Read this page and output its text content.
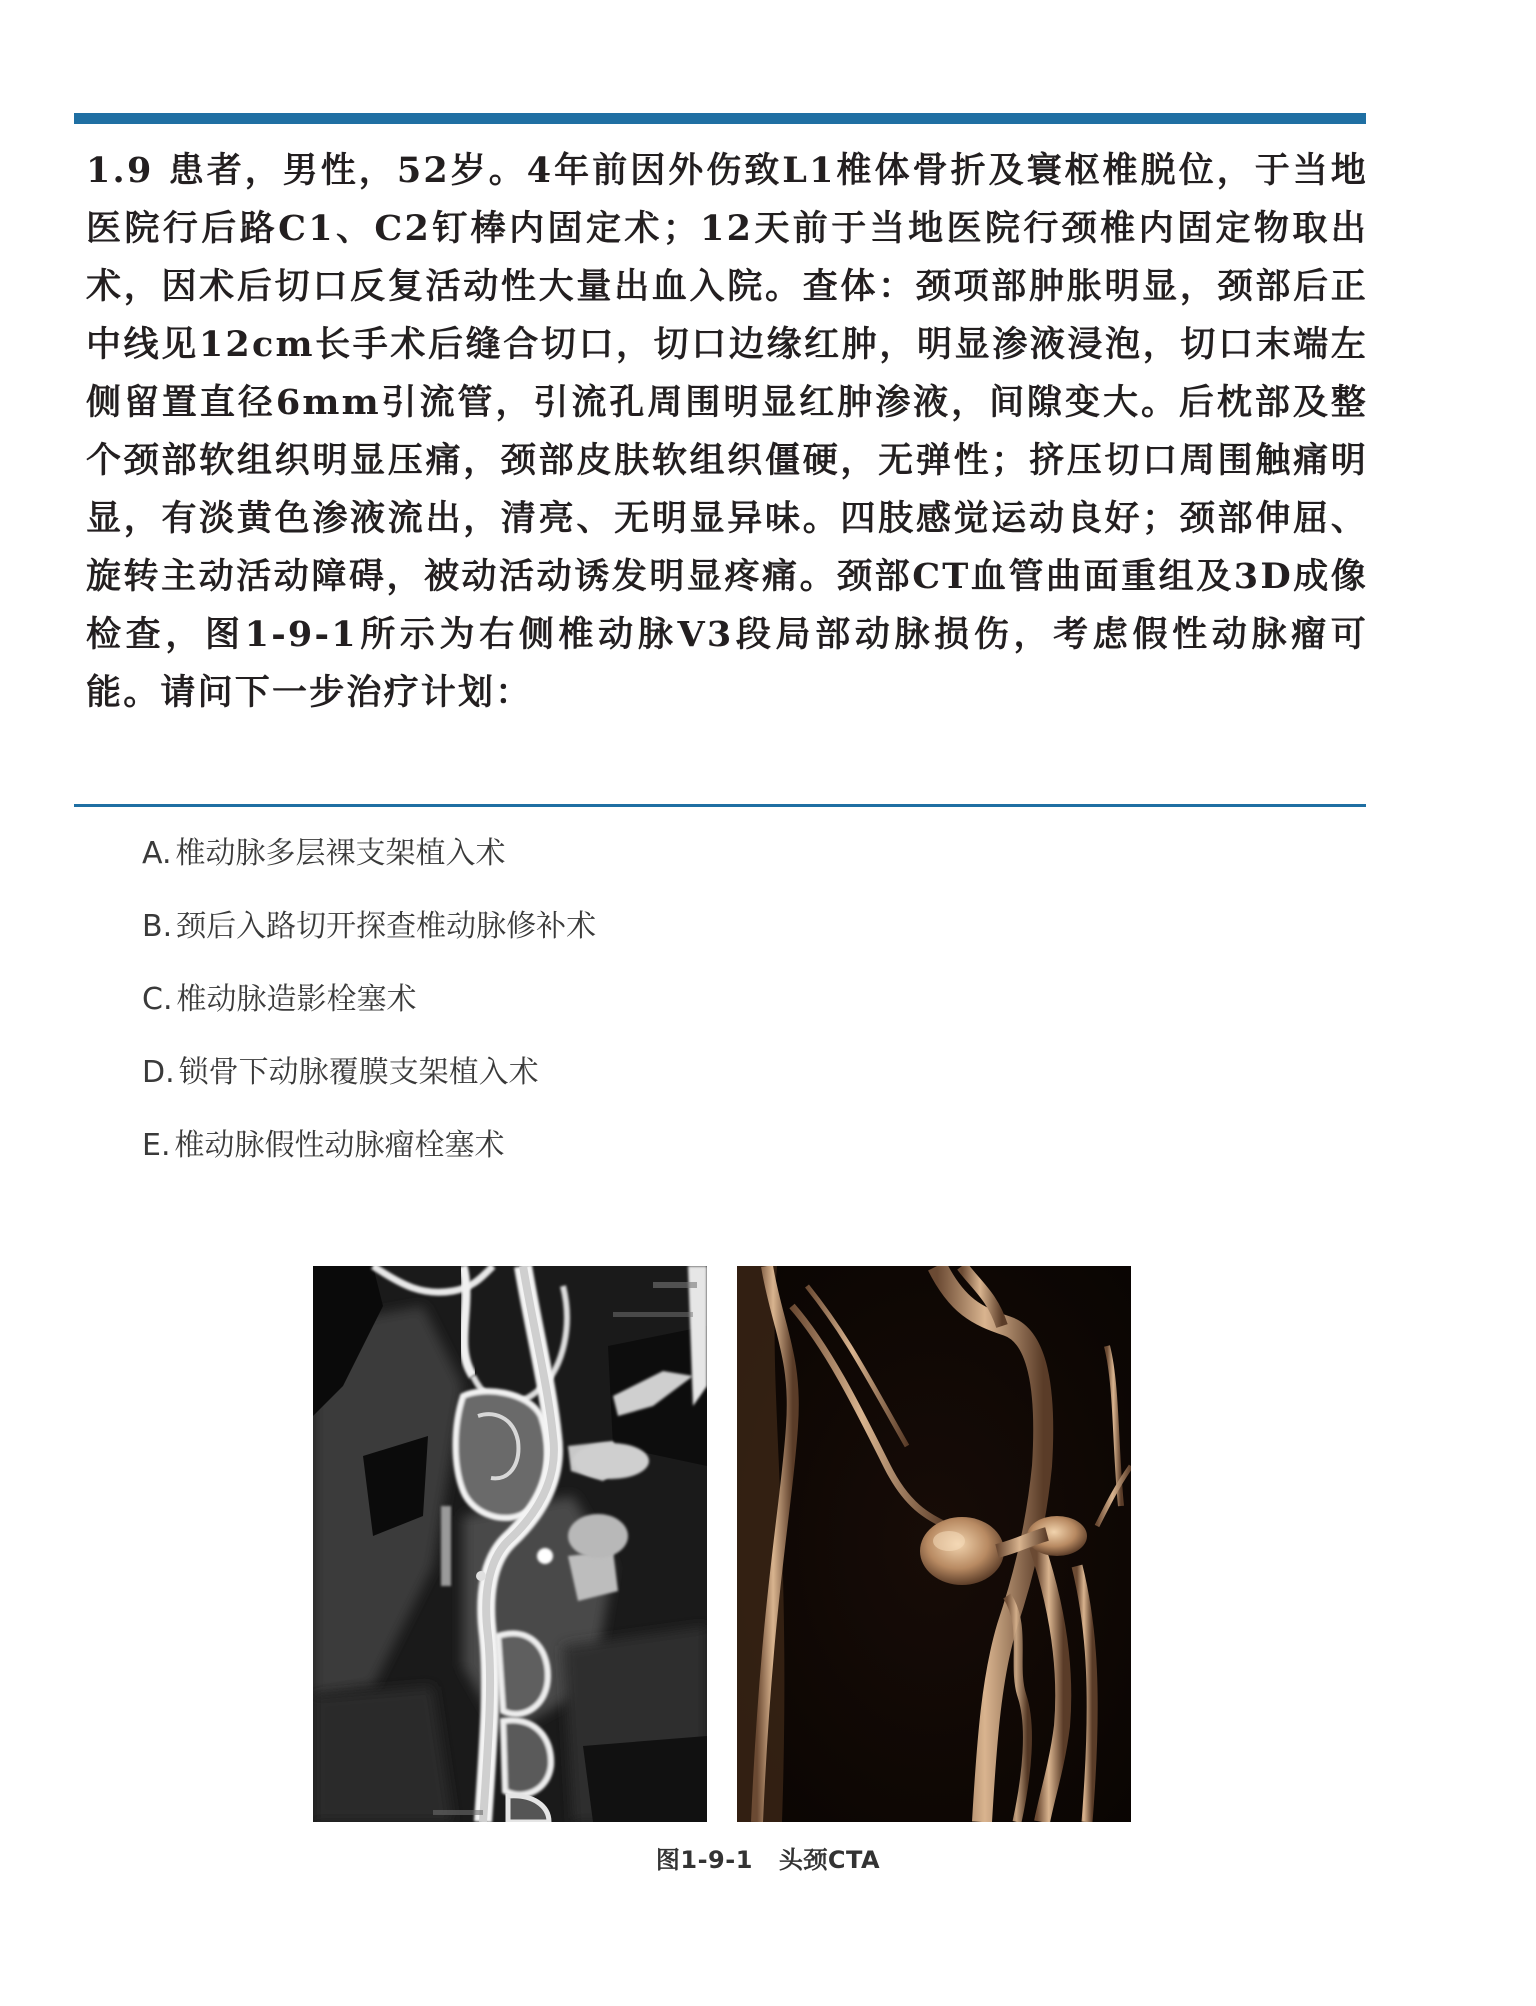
1.9 患者，男性，52岁。4年前因外伤致L1椎体骨折及寰枢椎脱位，于当地医院行后路C1、C2钉棒内固定术；12天前于当地医院行颈椎内固定物取出术，因术后切口反复活动性大量出血入院。查体：颈项部肿胀明显，颈部后正中线见12cm长手术后缝合切口，切口边缘红肿，明显渗液浸泡，切口末端左侧留置直径6mm引流管，引流孔周围明显红肿渗液，间隙变大。后枕部及整个颈部软组织明显压痛，颈部皮肤软组织僵硬，无弹性；挤压切口周围触痛明显，有淡黄色渗液流出，清亮、无明显异味。四肢感觉运动良好；颈部伸屈、旋转主动活动障碍，被动活动诱发明显疼痛。颈部CT血管曲面重组及3D成像检查，图1-9-1所示为右侧椎动脉V3段局部动脉损伤，考虑假性动脉瘤可能。请问下一步治疗计划：

A. 椎动脉多层裸支架植入术
B. 颈后入路切开探查椎动脉修补术
C. 椎动脉造影栓塞术
D. 锁骨下动脉覆膜支架植入术
E. 椎动脉假性动脉瘤栓塞术
图1-9-1 头颈CTA
